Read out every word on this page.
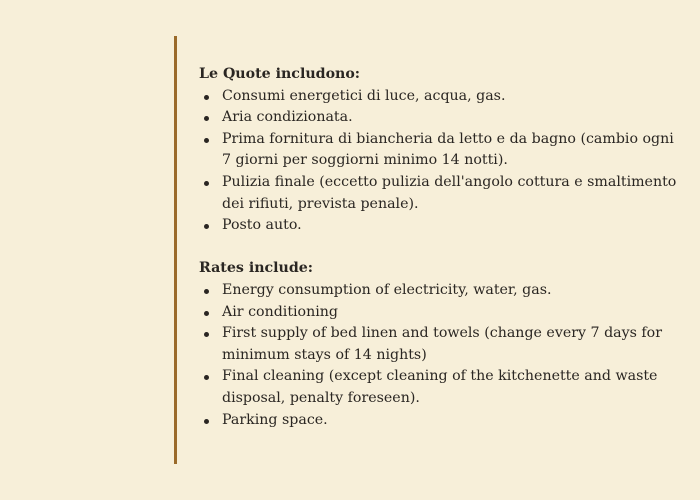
Le Quote includono:

Consumi energetici di luce, acqua, gas.
Aria condizionata.
Prima fornitura di biancheria da letto e da bagno (cambio ogni 7 giorni per soggiorni minimo 14 notti).
Pulizia finale (eccetto pulizia dell'angolo cottura e smaltimento dei rifiuti, prevista penale).
Posto auto.

Rates include:

Energy consumption of electricity, water, gas.
Air conditioning
First supply of bed linen and towels (change every 7 days for minimum stays of 14 nights)
Final cleaning (except cleaning of the kitchenette and waste disposal, penalty foreseen).
Parking space.
